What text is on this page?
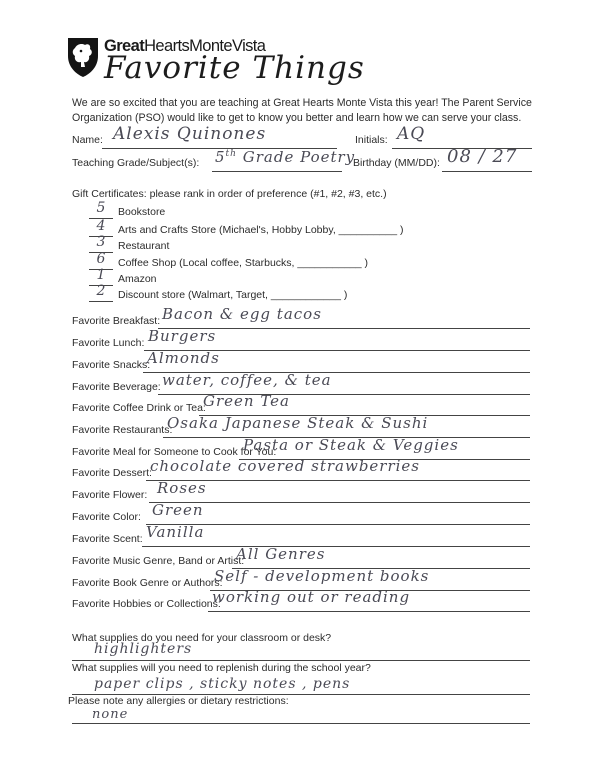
GreatHeartsMonteVista
Favorite Things
We are so excited that you are teaching at Great Hearts Monte Vista this year! The Parent Service Organization (PSO) would like to get to know you better and learn how we can serve your class.
Name: Alexis Quinones	Initials: AQ
Teaching Grade/Subject(s): 5th Grade Poetry
Birthday (MM/DD): 08 / 27
Gift Certificates: please rank in order of preference (#1, #2, #3, etc.)
5	Bookstore
4	Arts and Crafts Store (Michael's, Hobby Lobby, __________ )
3	Restaurant
6	Coffee Shop (Local coffee, Starbucks, ___________ )
1	Amazon
2	Discount store (Walmart, Target, ____________ )
Favorite Breakfast: Bacon & egg tacos
Favorite Lunch: Burgers
Favorite Snacks:
Almonds
Favorite Beverage: water, coffee, & tea
Favorite Coffee Drink or Tea:
Green Tea
Favorite Restaurants:
Osaka Japanese Steak & Sushi
Favorite Meal for Someone to Cook for You:
Pasta or Steak & Veggies
Favorite Dessert:
chocolate covered strawberries
Favorite Flower: Roses
Favorite Color: Green
Favorite Scent: Vanilla
Favorite Music Genre, Band or Artist:
All Genres
Favorite Book Genre or Authors:
Self - development books
Favorite Hobbies or Collections:
working out or reading
What supplies do you need for your classroom or desk?
highlighters
What supplies will you need to replenish during the school year?
paper clips , sticky notes , pens
Please note any allergies or dietary restrictions:
none
